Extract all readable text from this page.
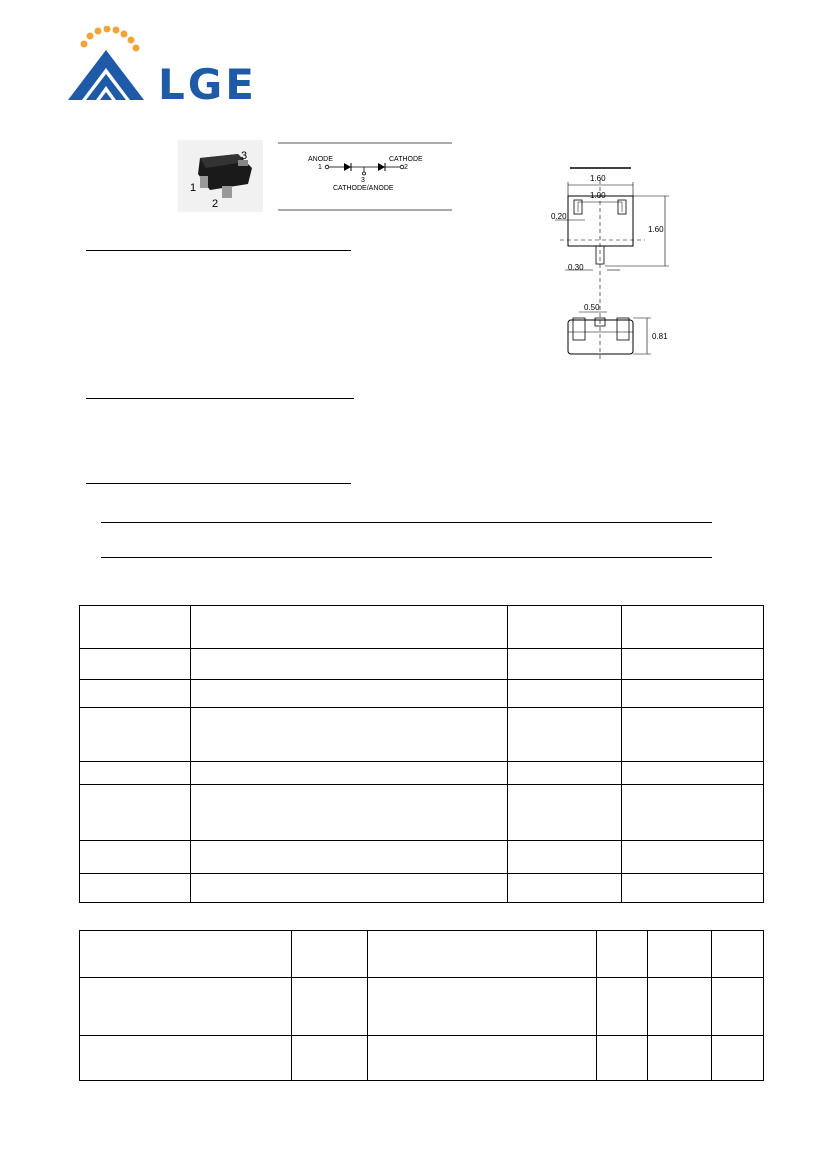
LGE
3
1
2
ANODE
1
CATHODE
2
3
CATHODE/ANODE
1.60
1.00
0.20
1.60
0.30
0.50
0.81
